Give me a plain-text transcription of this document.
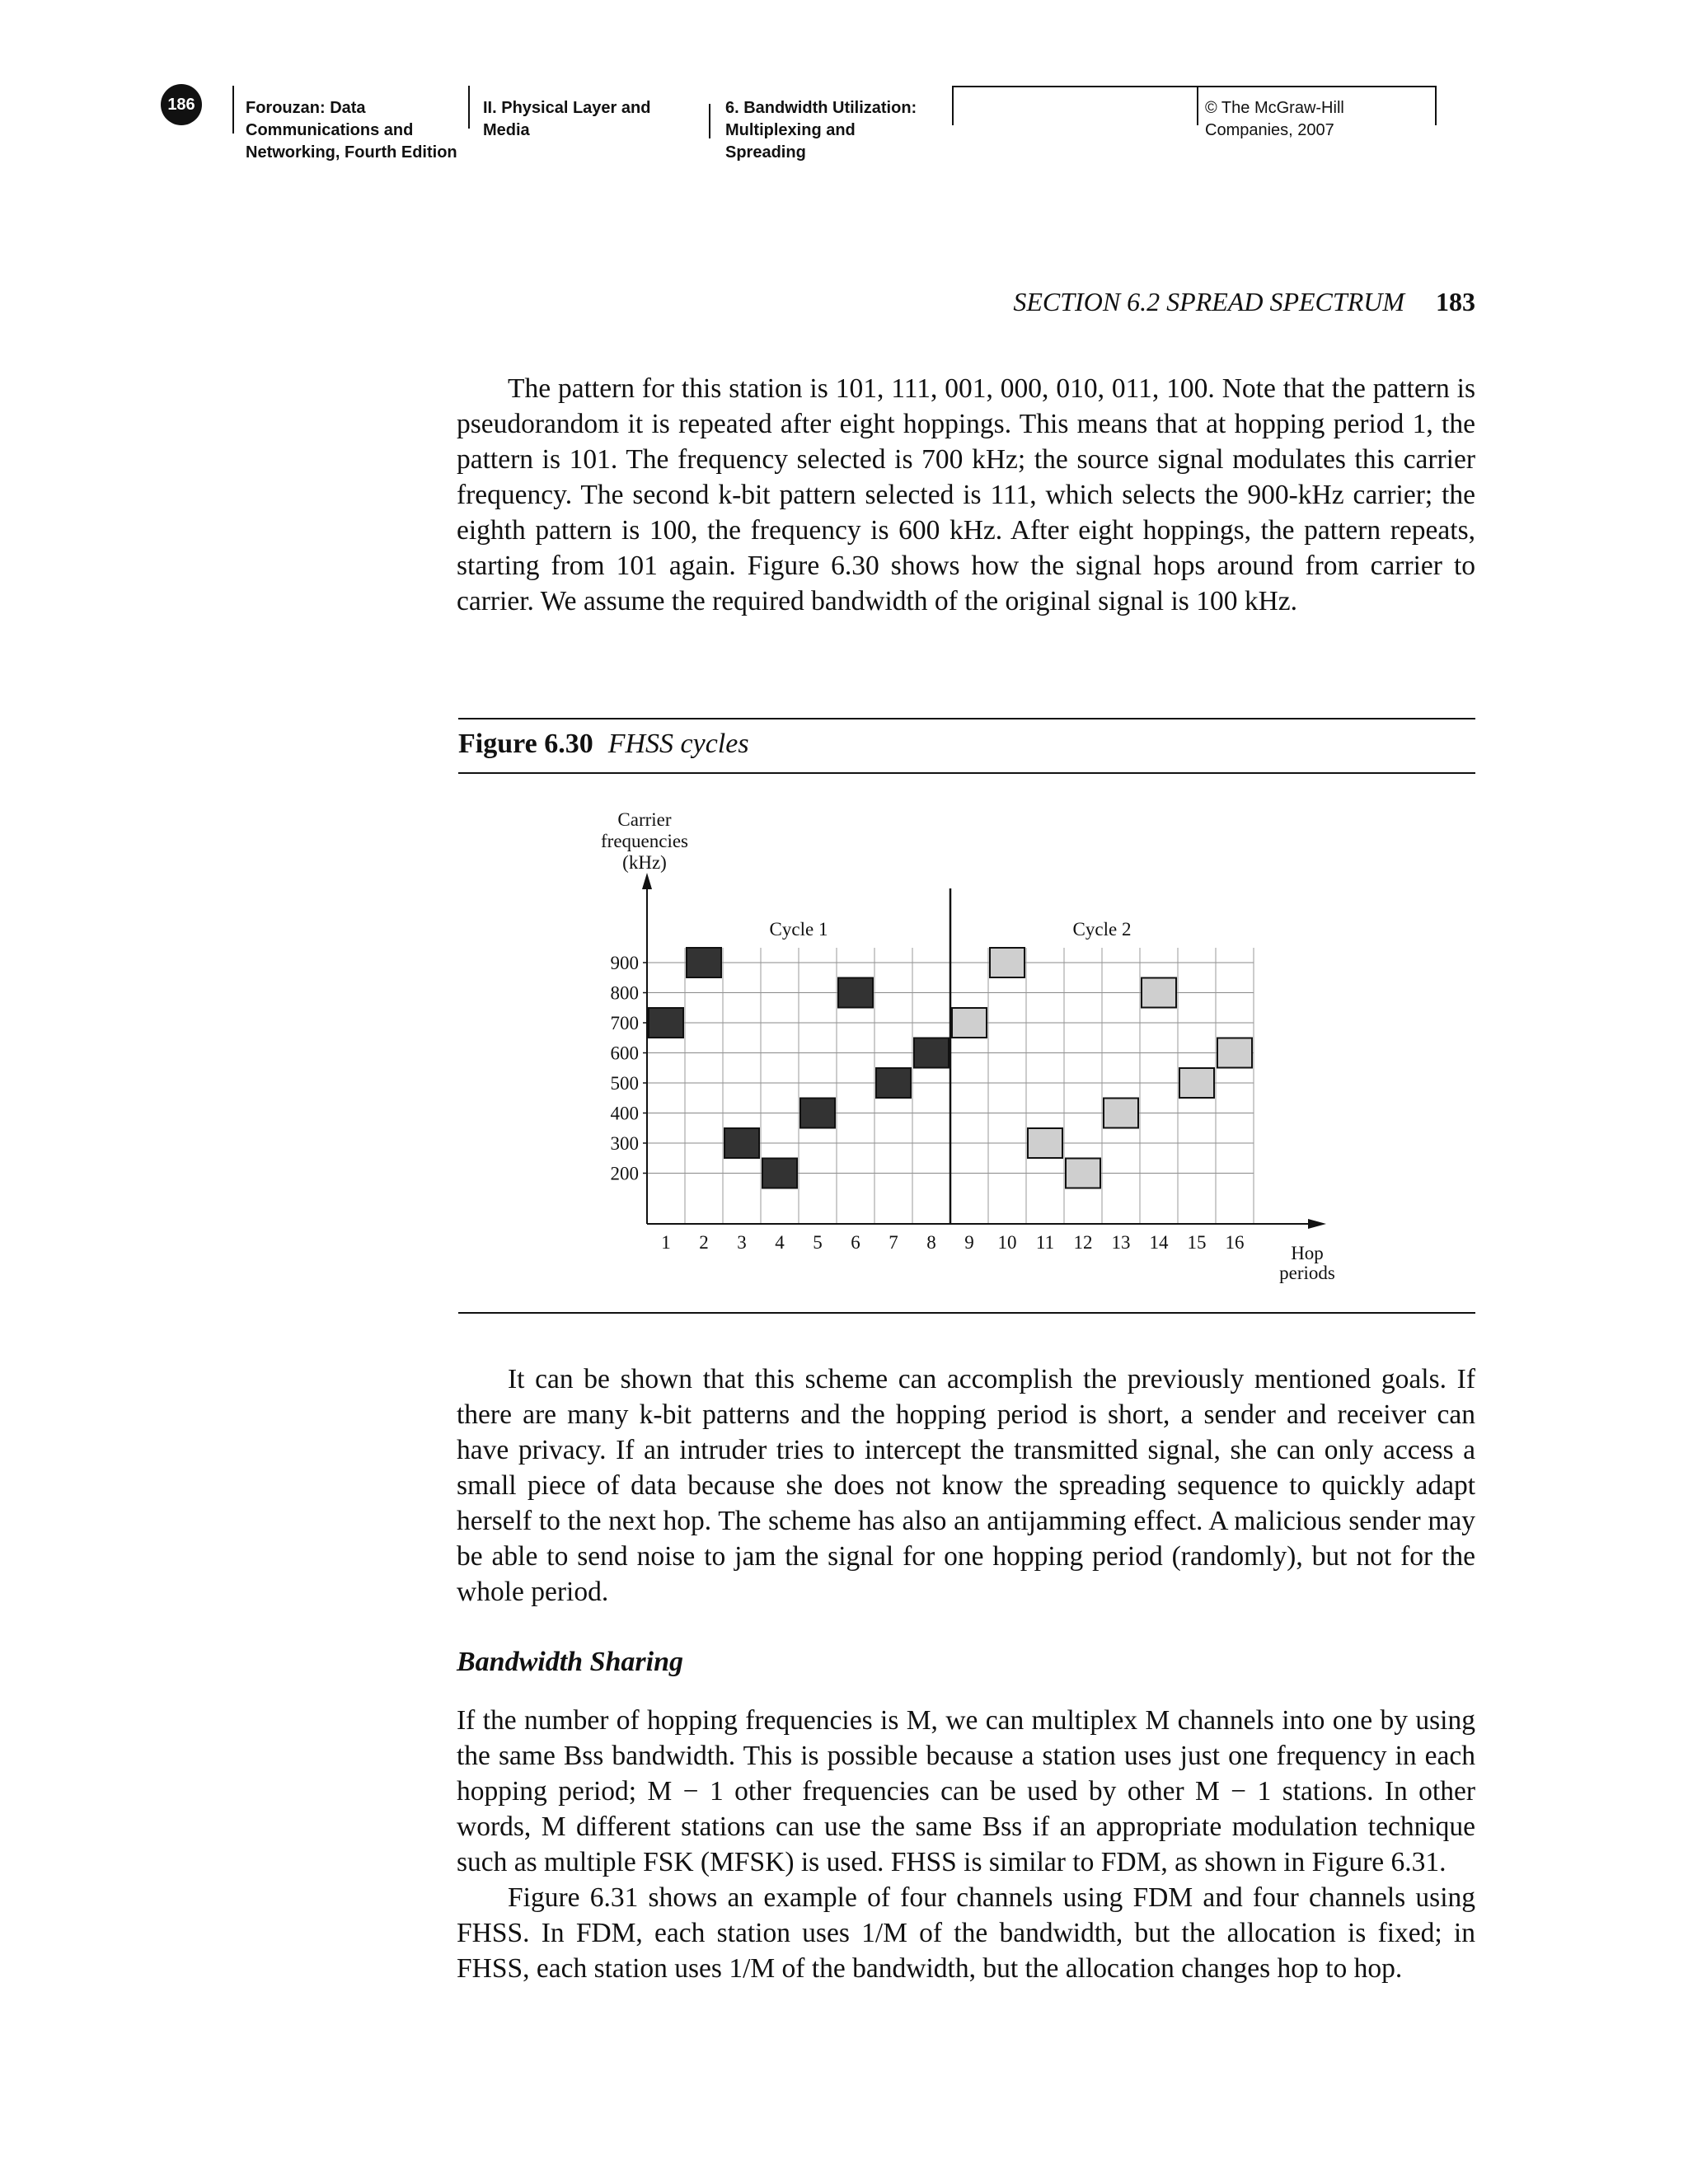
186	Forouzan: Data
Communications and
Networking, Fourth Edition
II. Physical Layer and
Media
6. Bandwidth Utilization:
Multiplexing and
Spreading
© The McGraw-Hill
Companies, 2007
SECTION 6.2 SPREAD SPECTRUM 183

The pattern for this station is 101, 111, 001, 000, 010, 011, 100. Note that the pattern is pseudorandom it is repeated after eight hoppings. This means that at hopping period 1, the pattern is 101. The frequency selected is 700 kHz; the source signal modulates this carrier frequency. The second k-bit pattern selected is 111, which selects the 900-kHz carrier; the eighth pattern is 100, the frequency is 600 kHz. After eight hoppings, the pattern repeats, starting from 101 again. Figure 6.30 shows how the signal hops around from carrier to carrier. We assume the required bandwidth of the original signal is 100 kHz.

Figure 6.30 FHSS cycles
900
800
700
600
500
400
300
200
Carrier
frequencies
(kHz)
Hop
periods
Cycle 1	Cycle 2
1 2 3 4 5 6 7 8 9 10 11 12 13 14 15 16

It can be shown that this scheme can accomplish the previously mentioned goals. If there are many k-bit patterns and the hopping period is short, a sender and receiver can have privacy. If an intruder tries to intercept the transmitted signal, she can only access a small piece of data because she does not know the spreading sequence to quickly adapt herself to the next hop. The scheme has also an antijamming effect. A malicious sender may be able to send noise to jam the signal for one hopping period (randomly), but not for the whole period.

Bandwidth Sharing

If the number of hopping frequencies is M, we can multiplex M channels into one by using the same Bss bandwidth. This is possible because a station uses just one frequency in each hopping period; M − 1 other frequencies can be used by other M − 1 stations. In other words, M different stations can use the same Bss if an appropriate modulation technique such as multiple FSK (MFSK) is used. FHSS is similar to FDM, as shown in Figure 6.31.

Figure 6.31 shows an example of four channels using FDM and four channels using FHSS. In FDM, each station uses 1/M of the bandwidth, but the allocation is fixed; in FHSS, each station uses 1/M of the bandwidth, but the allocation changes hop to hop.
